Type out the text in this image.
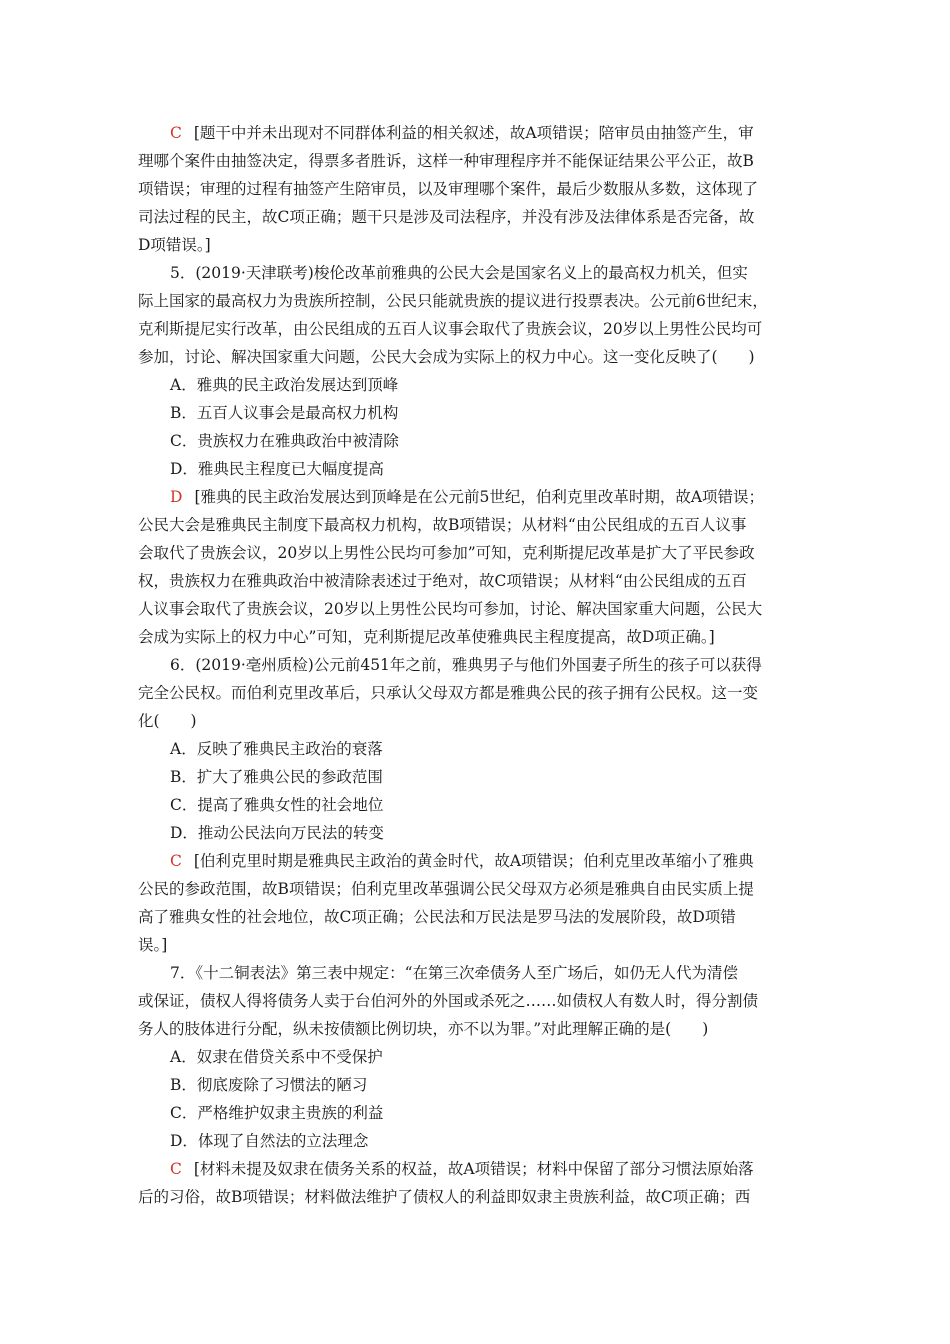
C [题干中并未出现对不同群体利益的相关叙述，故A项错误；陪审员由抽签产生，审
理哪个案件由抽签决定，得票多者胜诉，这样一种审理程序并不能保证结果公平公正，故B
项错误；审理的过程有抽签产生陪审员，以及审理哪个案件，最后少数服从多数，这体现了
司法过程的民主，故C项正确；题干只是涉及司法程序，并没有涉及法律体系是否完备，故
D项错误。]
5．(2019·天津联考)梭伦改革前雅典的公民大会是国家名义上的最高权力机关，但实
际上国家的最高权力为贵族所控制，公民只能就贵族的提议进行投票表决。公元前6世纪末，
克利斯提尼实行改革，由公民组成的五百人议事会取代了贵族会议，20岁以上男性公民均可
参加，讨论、解决国家重大问题，公民大会成为实际上的权力中心。这一变化反映了(　　)
A．雅典的民主政治发展达到顶峰
B．五百人议事会是最高权力机构
C．贵族权力在雅典政治中被清除
D．雅典民主程度已大幅度提高
D [雅典的民主政治发展达到顶峰是在公元前5世纪，伯利克里改革时期，故A项错误；
公民大会是雅典民主制度下最高权力机构，故B项错误；从材料“由公民组成的五百人议事
会取代了贵族会议，20岁以上男性公民均可参加”可知，克利斯提尼改革是扩大了平民参政
权，贵族权力在雅典政治中被清除表述过于绝对，故C项错误；从材料“由公民组成的五百
人议事会取代了贵族会议，20岁以上男性公民均可参加，讨论、解决国家重大问题，公民大
会成为实际上的权力中心”可知，克利斯提尼改革使雅典民主程度提高，故D项正确。]
6．(2019·亳州质检)公元前451年之前，雅典男子与他们外国妻子所生的孩子可以获得
完全公民权。而伯利克里改革后，只承认父母双方都是雅典公民的孩子拥有公民权。这一变
化(　　)
A．反映了雅典民主政治的衰落
B．扩大了雅典公民的参政范围
C．提高了雅典女性的社会地位
D．推动公民法向万民法的转变
C [伯利克里时期是雅典民主政治的黄金时代，故A项错误；伯利克里改革缩小了雅典
公民的参政范围，故B项错误；伯利克里改革强调公民父母双方必须是雅典自由民实质上提
高了雅典女性的社会地位，故C项正确；公民法和万民法是罗马法的发展阶段，故D项错
误。]
7．《十二铜表法》第三表中规定：“在第三次牵债务人至广场后，如仍无人代为清偿
或保证，债权人得将债务人卖于台伯河外的外国或杀死之……如债权人有数人时，得分割债
务人的肢体进行分配，纵未按债额比例切块，亦不以为罪。”对此理解正确的是(　　)
A．奴隶在借贷关系中不受保护
B．彻底废除了习惯法的陋习
C．严格维护奴隶主贵族的利益
D．体现了自然法的立法理念
C [材料未提及奴隶在债务关系的权益，故A项错误；材料中保留了部分习惯法原始落
后的习俗，故B项错误；材料做法维护了债权人的利益即奴隶主贵族利益，故C项正确；西
